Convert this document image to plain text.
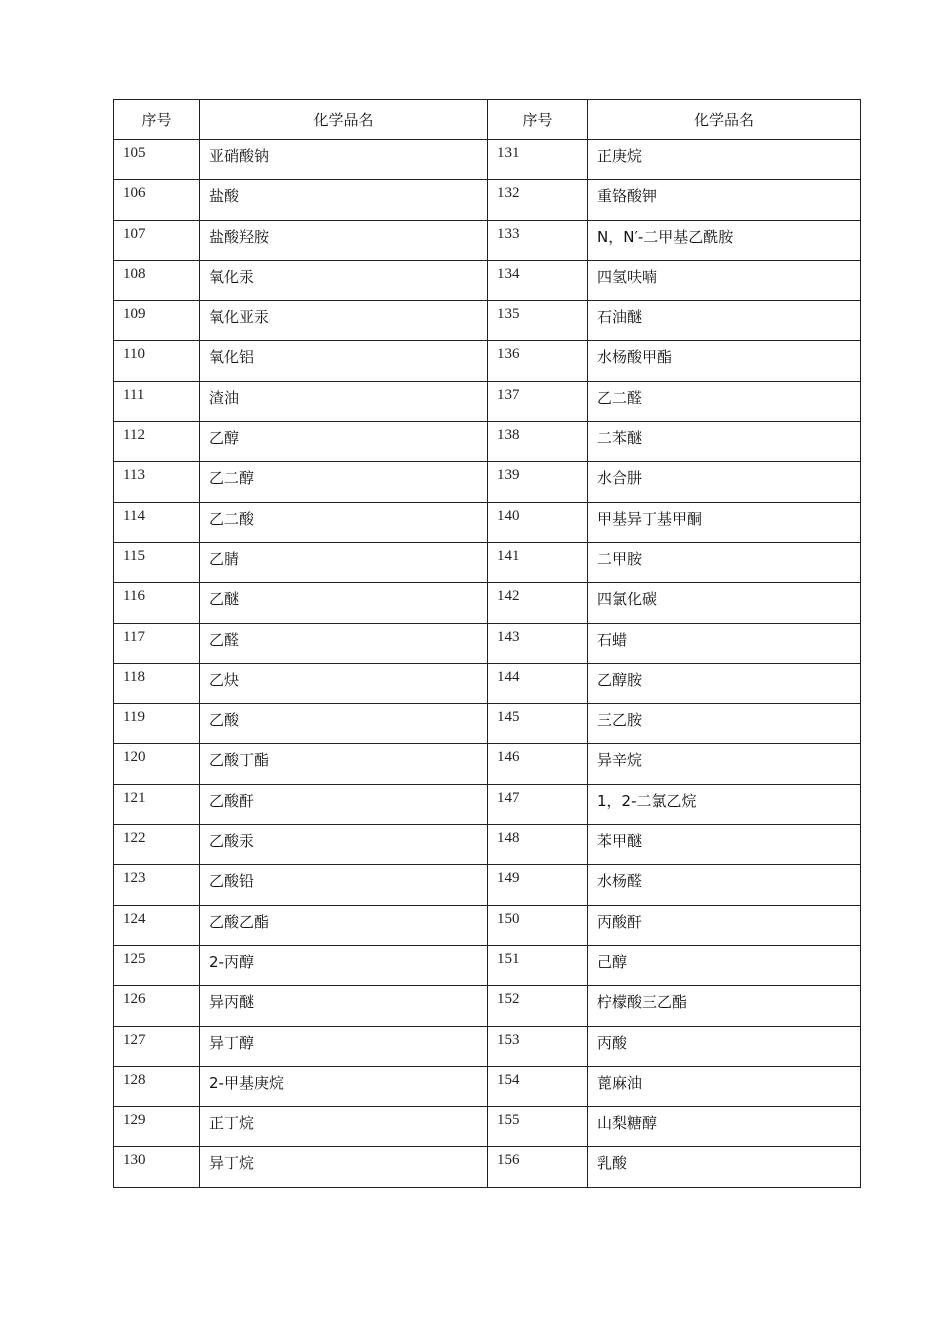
序号	化学品名	序号	化学品名
105	亚硝酸钠	131	正庚烷
106	盐酸	132	重铬酸钾
107	盐酸羟胺	133	N，N′-二甲基乙酰胺
108	氧化汞	134	四氢呋喃
109	氧化亚汞	135	石油醚
110	氧化铝	136	水杨酸甲酯
111	渣油	137	乙二醛
112	乙醇	138	二苯醚
113	乙二醇	139	水合肼
114	乙二酸	140	甲基异丁基甲酮
115	乙腈	141	二甲胺
116	乙醚	142	四氯化碳
117	乙醛	143	石蜡
118	乙炔	144	乙醇胺
119	乙酸	145	三乙胺
120	乙酸丁酯	146	异辛烷
121	乙酸酐	147	1，2-二氯乙烷
122	乙酸汞	148	苯甲醚
123	乙酸铅	149	水杨醛
124	乙酸乙酯	150	丙酸酐
125	2-丙醇	151	己醇
126	异丙醚	152	柠檬酸三乙酯
127	异丁醇	153	丙酸
128	2-甲基庚烷	154	蓖麻油
129	正丁烷	155	山梨糖醇
130	异丁烷	156	乳酸
